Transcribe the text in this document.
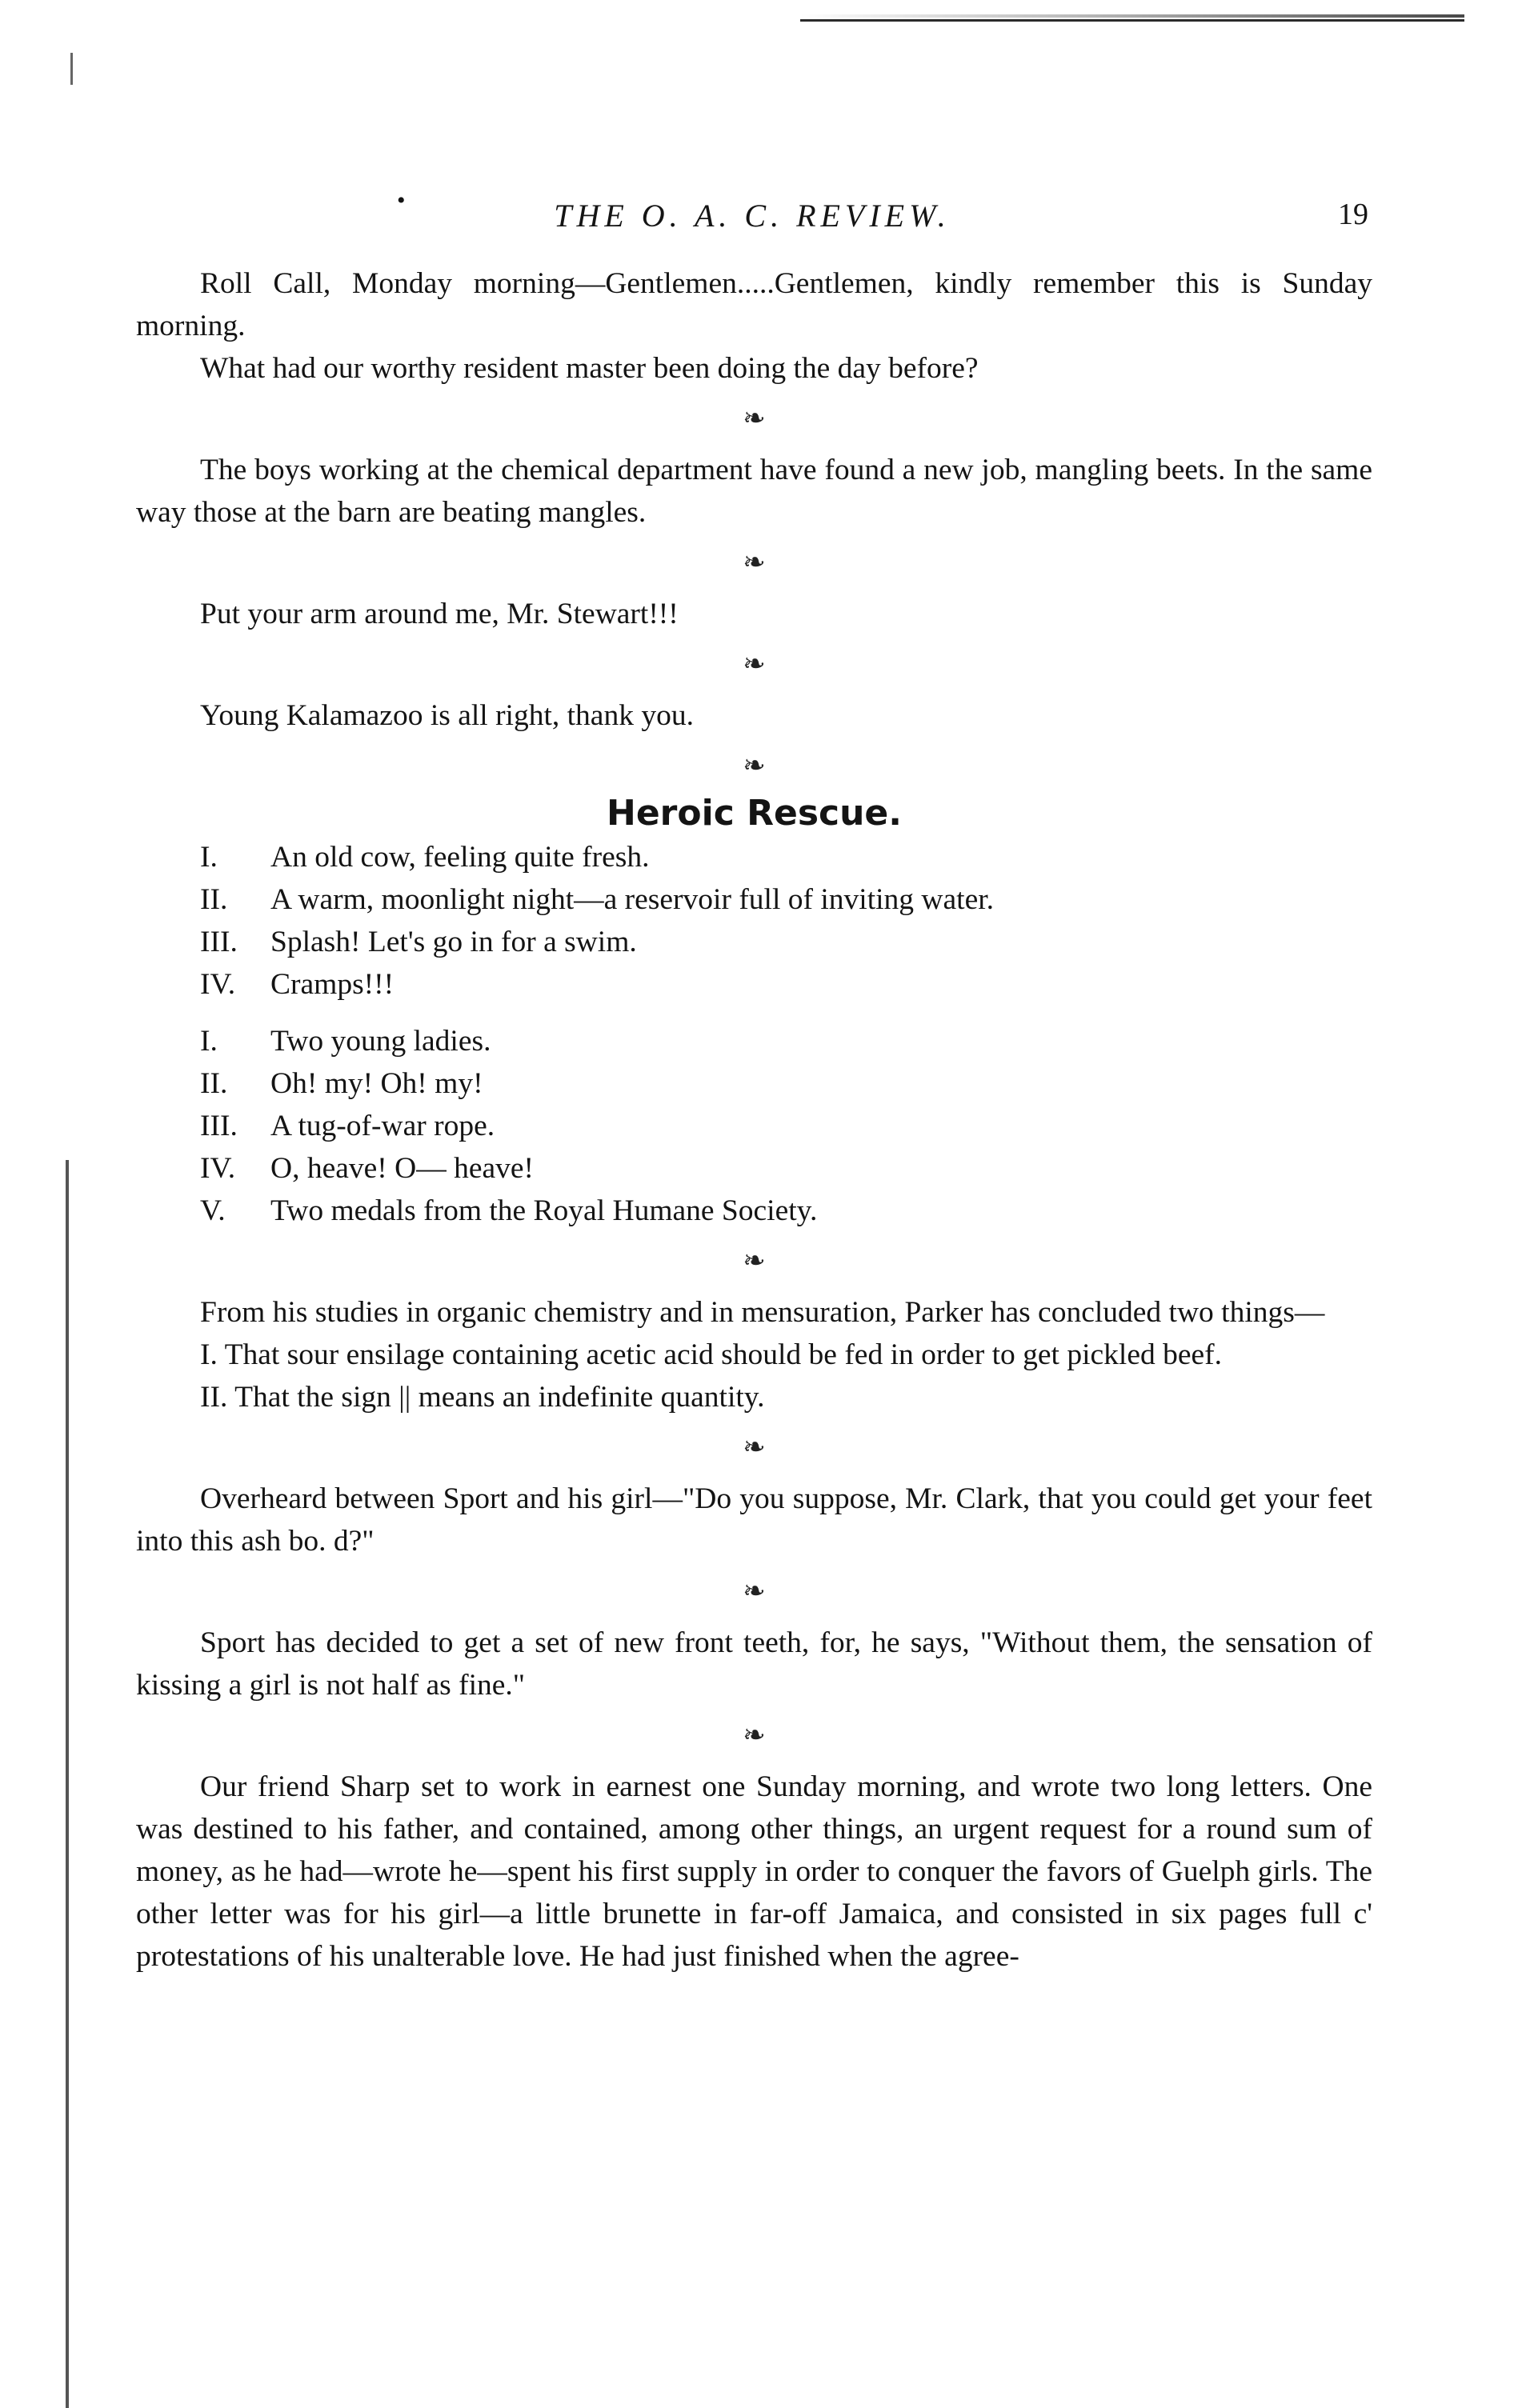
•	THE O. A. C. REVIEW.	19

Roll Call, Monday morning—Gentlemen.....Gentlemen, kindly remember this is Sunday morning.

What had our worthy resident master been doing the day before?

❧

The boys working at the chemical department have found a new job, mangling beets. In the same way those at the barn are beating mangles.

❧

Put your arm around me, Mr. Stewart!!!

❧

Young Kalamazoo is all right, thank you.

❧
Heroic Rescue.
I.	An old cow, feeling quite fresh.
II.	A warm, moonlight night—a reservoir full of inviting water.
III.	Splash! Let's go in for a swim.
IV.	Cramps!!!
I.	Two young ladies.
II.	Oh! my! Oh! my!
III.	A tug-of-war rope.
IV.	O, heave! O— heave!
V.	Two medals from the Royal Humane Society.
❧

From his studies in organic chemistry and in mensuration, Parker has concluded two things—

I. That sour ensilage containing acetic acid should be fed in order to get pickled beef.

II. That the sign || means an indefinite quantity.

❧

Overheard between Sport and his girl—"Do you suppose, Mr. Clark, that you could get your feet into this ash bo. d?"

❧

Sport has decided to get a set of new front teeth, for, he says, "Without them, the sensation of kissing a girl is not half as fine."

❧

Our friend Sharp set to work in earnest one Sunday morning, and wrote two long letters. One was destined to his father, and contained, among other things, an urgent request for a round sum of money, as he had—wrote he—spent his first supply in order to conquer the favors of Guelph girls. The other letter was for his girl—a little brunette in far-off Jamaica, and consisted in six pages full c' protestations of his unalterable love. He had just finished when the agree-
